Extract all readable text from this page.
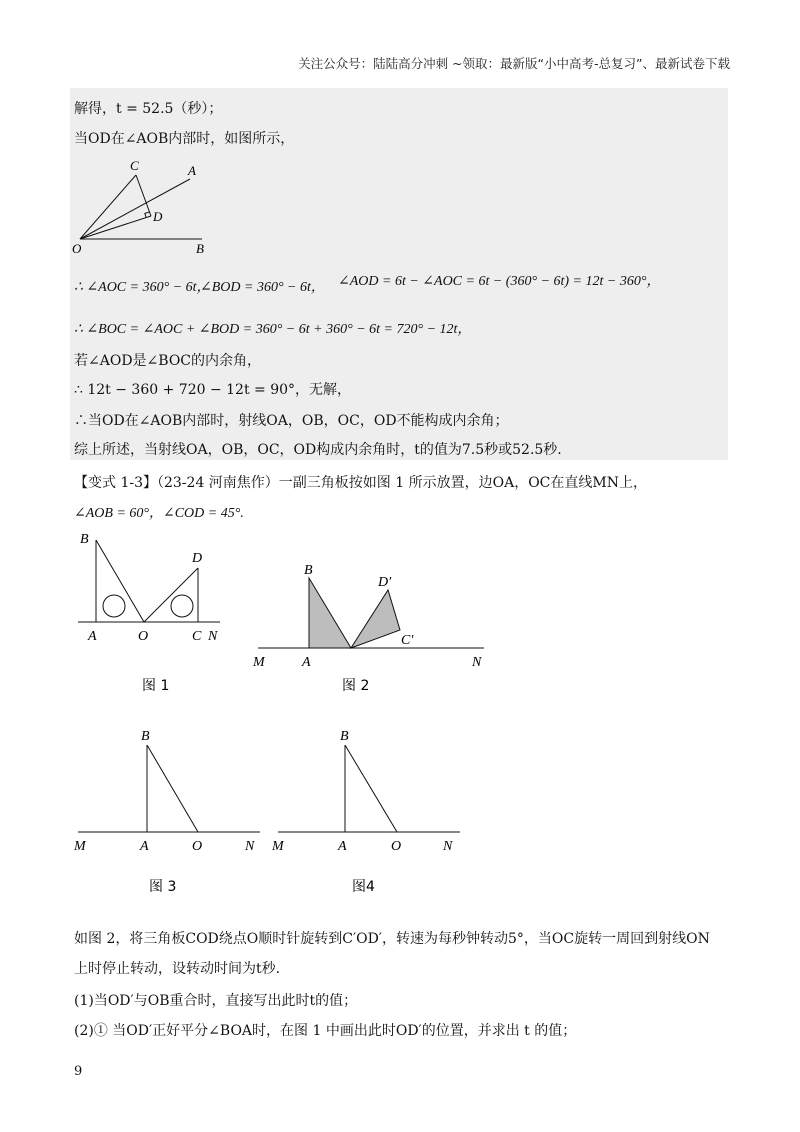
关注公众号：陆陆高分冲刺 ~领取：最新版“小中高考-总复习”、最新试卷下载
解得，t = 52.5（秒）；
当OD在∠AOB内部时，如图所示，
C	A
D
O	B
∴ ∠AOC = 360° − 6t，
∠BOD = 360° − 6t， ∠AOD = 6t − ∠AOC = 6t − (360° − 6t) = 12t − 360°，
∴ ∠BOC = ∠AOC + ∠BOD = 360° − 6t + 360° − 6t = 720° − 12t，
若∠AOD是∠BOC的内余角，
∴ 12t − 360 + 720 − 12t = 90°，无解，
∴当OD在∠AOB内部时，射线OA，OB，OC，OD不能构成内余角；
综上所述，当射线OA，OB，OC，OD构成内余角时，t的值为7.5秒或52.5秒.
【变式 1-3】（23-24 河南焦作）一副三角板按如图 1 所示放置，边OA，OC在直线MN上，
∠AOB = 60°，∠COD = 45°.
B
D
A	O	C N
图 1
B
D′
C′
M	A	N
图 2
B
M	A	O	N
图 3
B
M	A	O	N
图4
如图 2，将三角板COD绕点O顺时针旋转到C′OD′，转速为每秒钟转动5°，当OC旋转一周回到射线ON
上时停止转动，设转动时间为t秒.
(1)当OD′与OB重合时，直接写出此时t的值；
(2)① 当OD′正好平分∠BOA时，在图 1 中画出此时OD′的位置，并求出 t 的值；
9
